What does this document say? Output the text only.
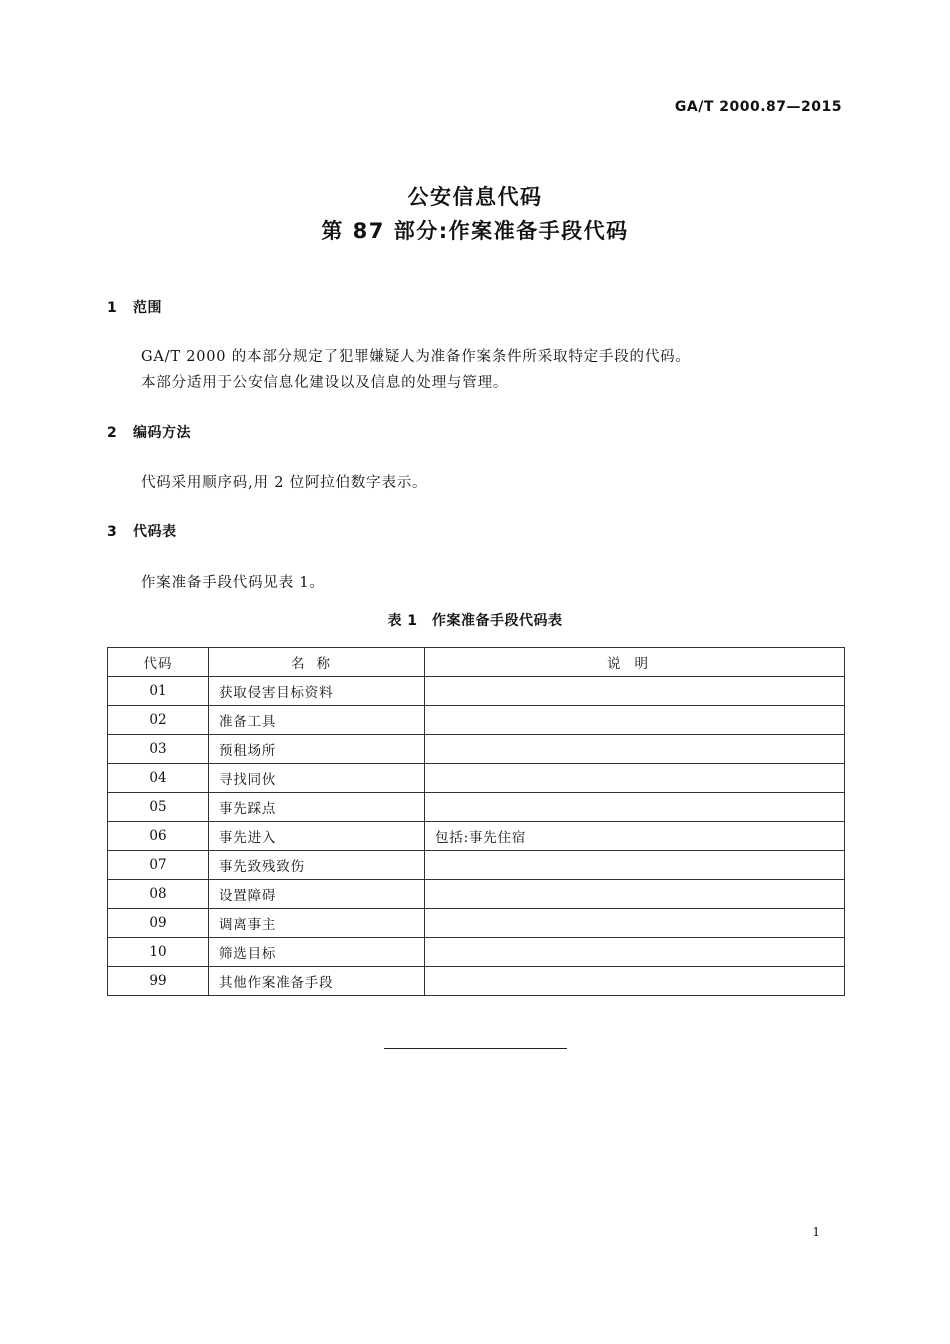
GA/T 2000.87—2015
公安信息代码
第 87 部分:作案准备手段代码
1 范围
GA/T 2000 的本部分规定了犯罪嫌疑人为准备作案条件所采取特定手段的代码。
本部分适用于公安信息化建设以及信息的处理与管理。
2 编码方法
代码采用顺序码,用 2 位阿拉伯数字表示。
3 代码表
作案准备手段代码见表 1。
表 1　作案准备手段代码表
代码	名称	说明
01	获取侵害目标资料	
02	准备工具	
03	预租场所	
04	寻找同伙	
05	事先踩点	
06	事先进入	包括:事先住宿
07	事先致残致伤	
08	设置障碍	
09	调离事主	
10	筛选目标	
99	其他作案准备手段	
1
